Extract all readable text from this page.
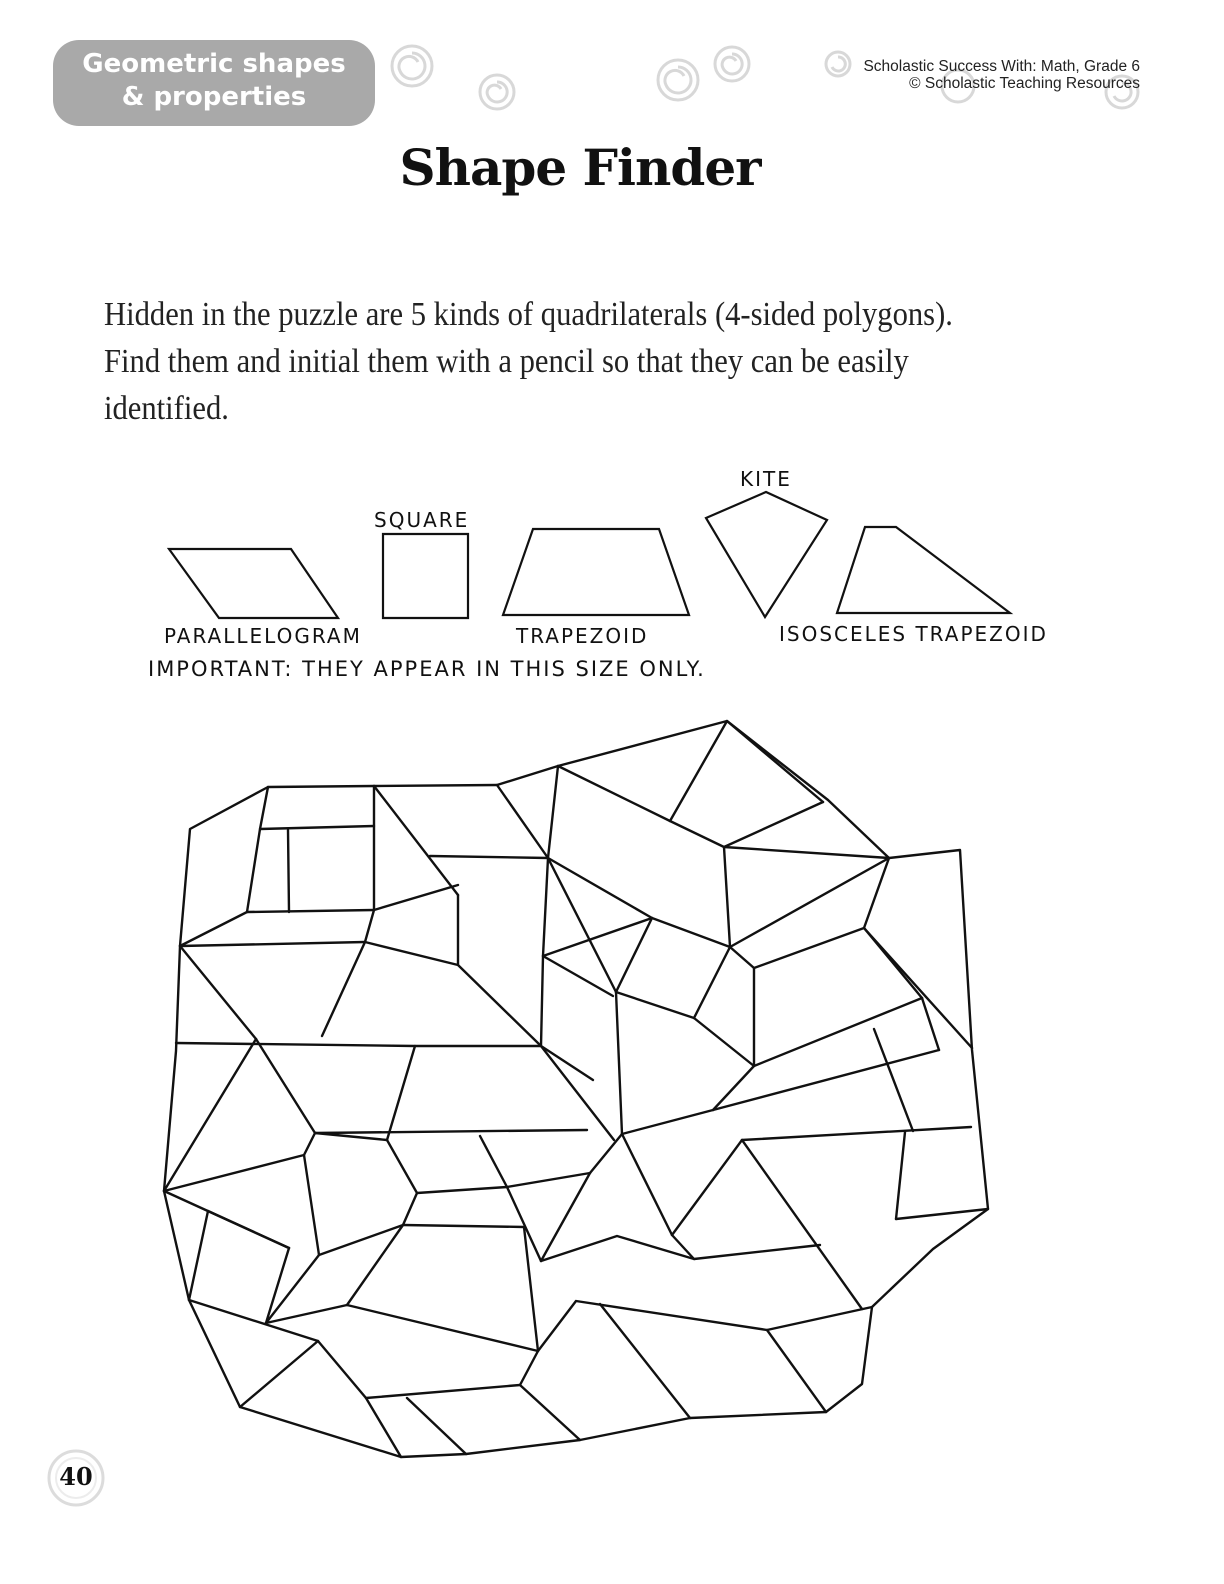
Geometric shapes
& properties
Scholastic Success With: Math, Grade 6
© Scholastic Teaching Resources
Shape Finder
Hidden in the puzzle are 5 kinds of quadrilaterals (4-sided polygons). Find them and initial them with a pencil so that they can be easily identified.
KITE
SQUARE
PARALLELOGRAM	TRAPEZOID	ISOSCELES TRAPEZOID
IMPORTANT: THEY APPEAR IN THIS SIZE ONLY.
40
